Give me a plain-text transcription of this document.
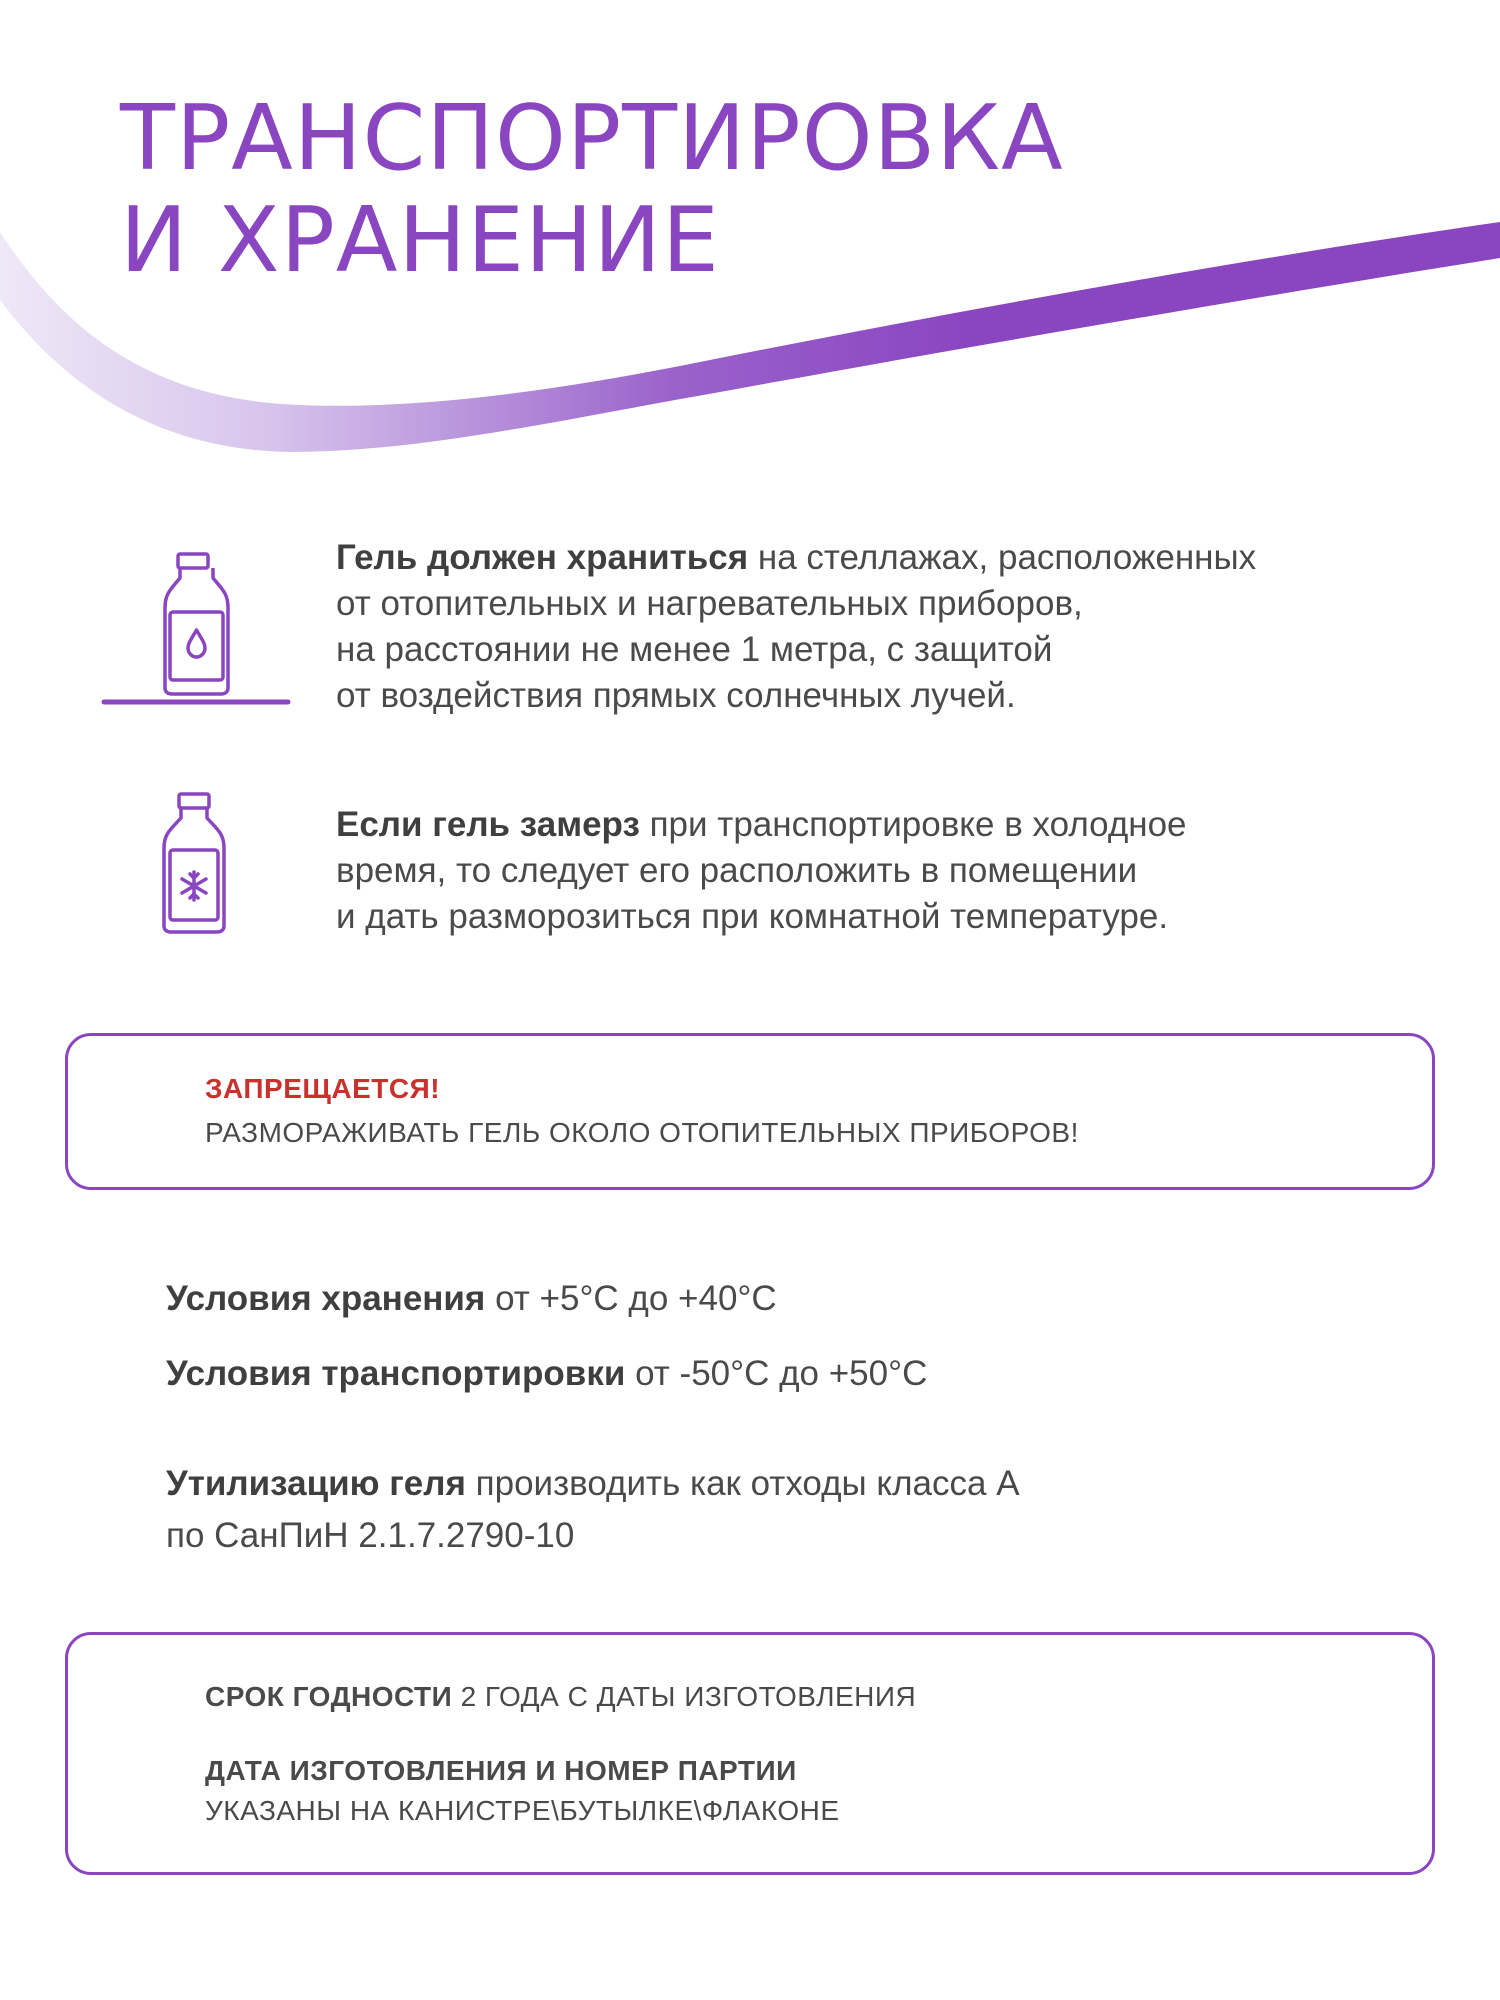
ТРАНСПОРТИРОВКА
И ХРАНЕНИЕ

Гель должен храниться на стеллажах, расположенных
от отопительных и нагревательных приборов,
на расстоянии не менее 1 метра, с защитой
от воздействия прямых солнечных лучей.

Если гель замерз при транспортировке в холодное
время, то следует его расположить в помещении
и дать разморозиться при комнатной температуре.

ЗАПРЕЩАЕТСЯ!
РАЗМОРАЖИВАТЬ ГЕЛЬ ОКОЛО ОТОПИТЕЛЬНЫХ ПРИБОРОВ!

Условия хранения от +5°C до +40°C

Условия транспортировки от -50°C до +50°C

Утилизацию геля производить как отходы класса А
по СанПиН 2.1.7.2790-10

СРОК ГОДНОСТИ 2 ГОДА С ДАТЫ ИЗГОТОВЛЕНИЯ
ДАТА ИЗГОТОВЛЕНИЯ И НОМЕР ПАРТИИ
УКАЗАНЫ НА КАНИСТРЕ\БУТЫЛКЕ\ФЛАКОНЕ
